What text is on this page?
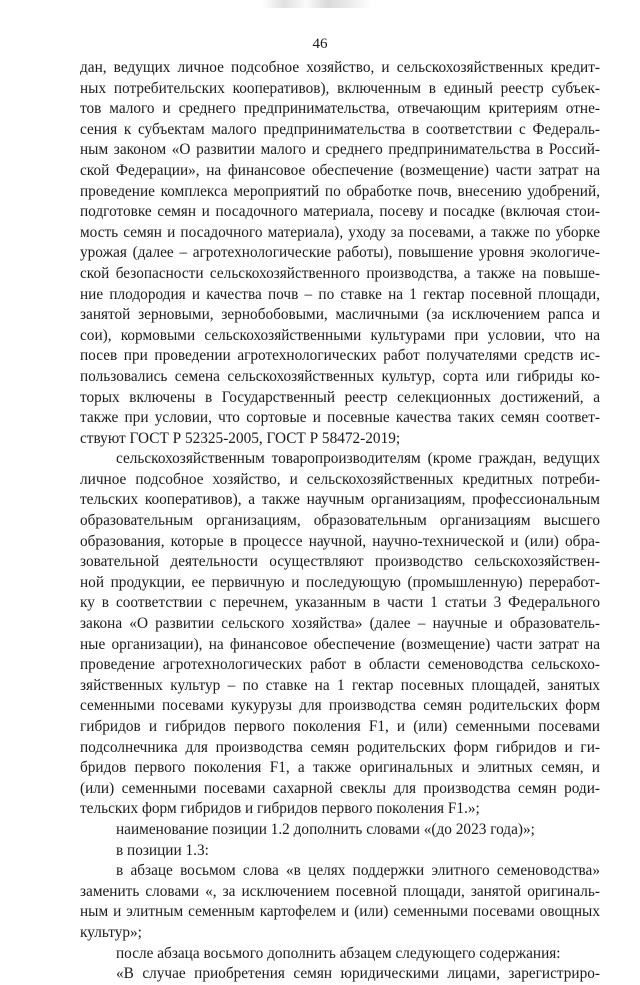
46
дан, ведущих личное подсобное хозяйство, и сельскохозяйственных кредит-
ных потребительских кооперативов), включенным в единый реестр субъек-
тов малого и среднего предпринимательства, отвечающим критериям отне-
сения к субъектам малого предпринимательства в соответствии с Федераль-
ным законом «О развитии малого и среднего предпринимательства в Россий-
ской Федерации», на финансовое обеспечение (возмещение) части затрат на
проведение комплекса мероприятий по обработке почв, внесению удобрений,
подготовке семян и посадочного материала, посеву и посадке (включая стои-
мость семян и посадочного материала), уходу за посевами, а также по уборке
урожая (далее – агротехнологические работы), повышение уровня экологиче-
ской безопасности сельскохозяйственного производства, а также на повыше-
ние плодородия и качества почв – по ставке на 1 гектар посевной площади,
занятой зерновыми, зернобобовыми, масличными (за исключением рапса и
сои), кормовыми сельскохозяйственными культурами при условии, что на
посев при проведении агротехнологических работ получателями средств ис-
пользовались семена сельскохозяйственных культур, сорта или гибриды ко-
торых включены в Государственный реестр селекционных достижений, а
также при условии, что сортовые и посевные качества таких семян соответ-
ствуют ГОСТ Р 52325-2005, ГОСТ Р 58472-2019;
сельскохозяйственным товаропроизводителям (кроме граждан, ведущих
личное подсобное хозяйство, и сельскохозяйственных кредитных потреби-
тельских кооперативов), а также научным организациям, профессиональным
образовательным организациям, образовательным организациям высшего
образования, которые в процессе научной, научно-технической и (или) обра-
зовательной деятельности осуществляют производство сельскохозяйствен-
ной продукции, ее первичную и последующую (промышленную) переработ-
ку в соответствии с перечнем, указанным в части 1 статьи 3 Федерального
закона «О развитии сельского хозяйства» (далее – научные и образователь-
ные организации), на финансовое обеспечение (возмещение) части затрат на
проведение агротехнологических работ в области семеноводства сельскохо-
зяйственных культур – по ставке на 1 гектар посевных площадей, занятых
семенными посевами кукурузы для производства семян родительских форм
гибридов и гибридов первого поколения F1, и (или) семенными посевами
подсолнечника для производства семян родительских форм гибридов и ги-
бридов первого поколения F1, а также оригинальных и элитных семян, и
(или) семенными посевами сахарной свеклы для производства семян роди-
тельских форм гибридов и гибридов первого поколения F1.»;
наименование позиции 1.2 дополнить словами «(до 2023 года)»;
в позиции 1.3:
в абзаце восьмом слова «в целях поддержки элитного семеноводства»
заменить словами «, за исключением посевной площади, занятой оригиналь-
ным и элитным семенным картофелем и (или) семенными посевами овощных
культур»;
после абзаца восьмого дополнить абзацем следующего содержания:
«В случае приобретения семян юридическими лицами, зарегистриро-
